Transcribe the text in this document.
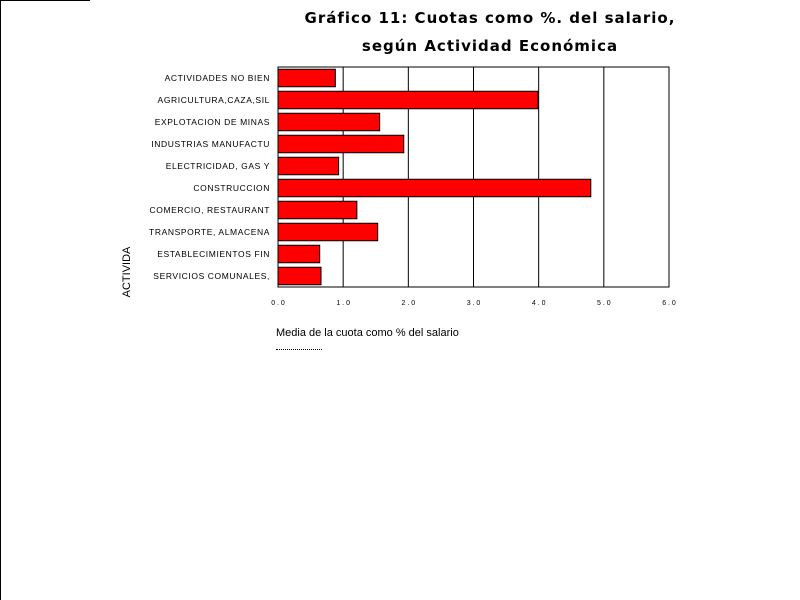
Gráfico 11: Cuotas como %. del salario,
según Actividad Económica
ACTIVIDADES NO BIEN
AGRICULTURA,CAZA,SIL
EXPLOTACION DE MINAS
INDUSTRIAS MANUFACTU
ELECTRICIDAD, GAS Y
CONSTRUCCION
COMERCIO, RESTAURANT
TRANSPORTE, ALMACENA
ESTABLECIMIENTOS FIN
SERVICIOS COMUNALES,
0 . 0	1 . 0	2 . 0	3 . 0	4 . 0	5 . 0	6 . 0
Media de la cuota como % del salario
ACTIVIDA
